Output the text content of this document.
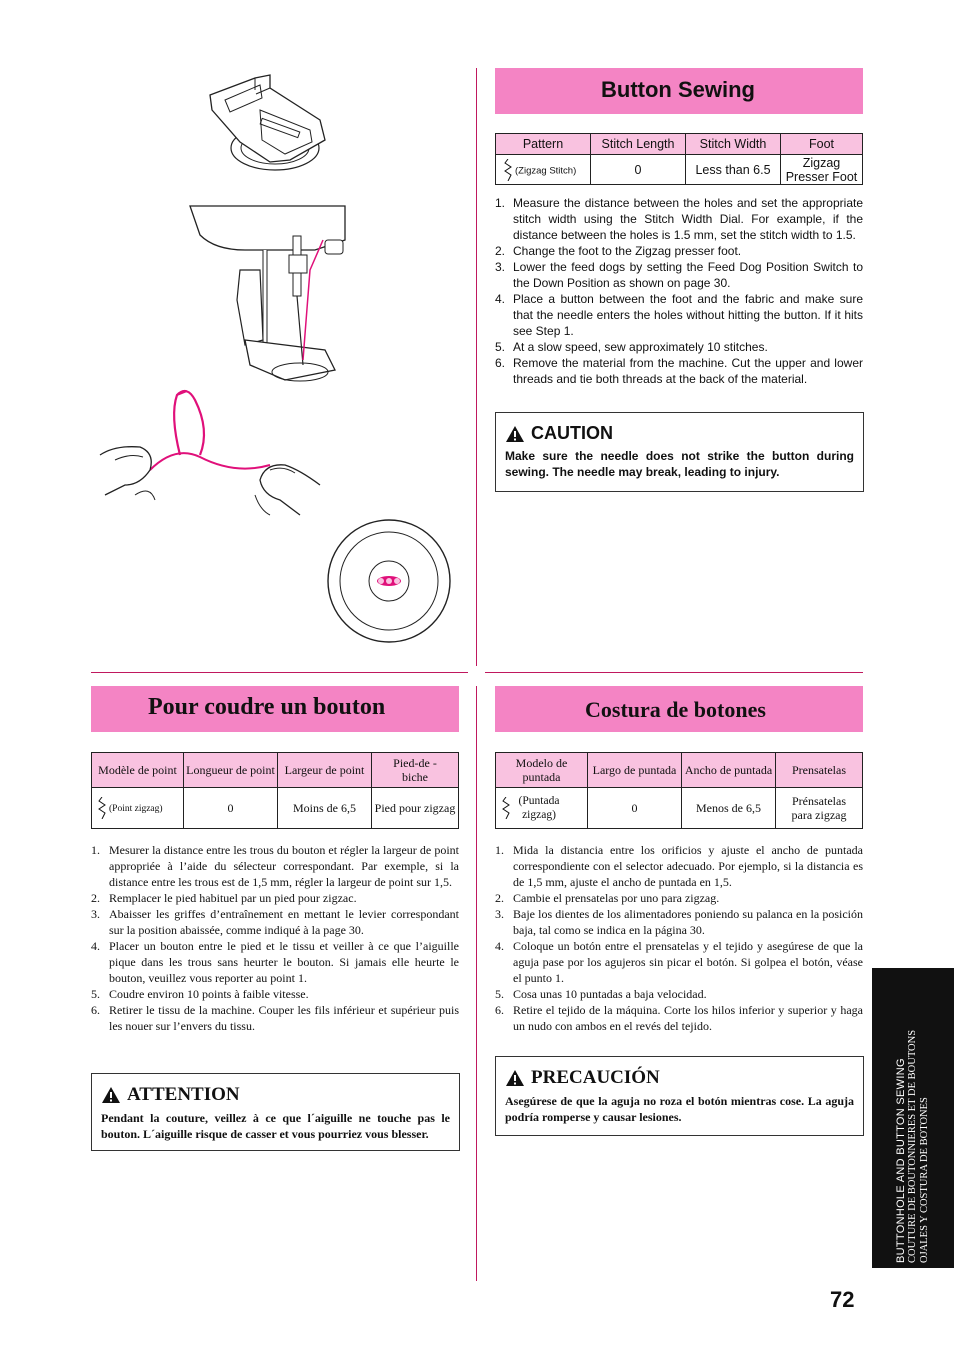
Button Sewing
Pattern	Stitch Length	Stitch Width	Foot
(Zigzag Stitch)	0	Less than 6.5	Zigzag Presser Foot
1. Measure the distance between the holes and set the appropriate stitch width using the Stitch Width Dial. For example, if the distance between the holes is 1.5 mm, set the stitch width to 1.5.
2. Change the foot to the Zigzag presser foot.
3. Lower the feed dogs by setting the Feed Dog Position Switch to the Down Position as shown on page 30.
4. Place a button between the foot and the fabric and make sure that the needle enters the holes without hitting the button. If it hits see Step 1.
5. At a slow speed, sew approximately 10 stitches.
6. Remove the material from the machine. Cut the upper and lower threads and tie both threads at the back of the material.
CAUTION
Make sure the needle does not strike the button during sewing. The needle may break, leading to injury.
Pour coudre un bouton
Modèle de point	Longueur de point	Largeur de point	Pied-de -biche
(Point zigzag)	0	Moins de 6,5	Pied pour zigzag
1. Mesurer la distance entre les trous du bouton et régler la largeur de point appropriée à l’aide du sélecteur correspondant. Par exemple, si la distance entre les trous est de 1,5 mm, régler la largeur de point sur 1,5.
2. Remplacer le pied habituel par un pied pour zigzac.
3. Abaisser les griffes d’entraînement en mettant le levier correspondant sur la position abaissée, comme indiqué à la page 30.
4. Placer un bouton entre le pied et le tissu et veiller à ce que l’aiguille pique dans les trous sans heurter le bouton. Si jamais elle heurte le bouton, veuillez vous reporter au point 1.
5. Coudre environ 10 points à faible vitesse.
6. Retirer le tissu de la machine. Couper les fils inférieur et supérieur puis les nouer sur l’envers du tissu.
ATTENTION
Pendant la couture, veillez à ce que l´aiguille ne touche pas le bouton. L´aiguille risque de casser et vous pourriez vous blesser.
Costura de botones
Modelo de puntada	Largo de puntada	Ancho de puntada	Prensatelas

(Puntada zigzag)	0	Menos de 6,5	Prénsatelas para zigzag
1. Mida la distancia entre los orificios y ajuste el ancho de puntada correspondiente con el selector adecuado. Por ejemplo, si la distancia es de 1,5 mm, ajuste el ancho de puntada en 1,5.
2. Cambie el prensatelas por uno para zigzag.
3. Baje los dientes de los alimentadores poniendo su palanca en la posición baja, tal como se indica en la página 30.
4. Coloque un botón entre el prensatelas y el tejido y asegúrese de que la aguja pase por los agujeros sin picar el botón. Si golpea el botón, véase el punto 1.
5. Cosa unas 10 puntadas a baja velocidad.
6. Retire el tejido de la máquina. Corte los hilos inferior y superior y haga un nudo con ambos en el revés del tejido.
PRECAUCIÓN
Asegúrese de que la aguja no roza el botón mientras cose. La aguja podría romperse y causar lesiones.	BUTTONHOLE AND BUTTON SEWING COUTURE DE BOUTONNIERES ET DE BOUTONS OJALES Y COSTURA DE BOTONES
72
